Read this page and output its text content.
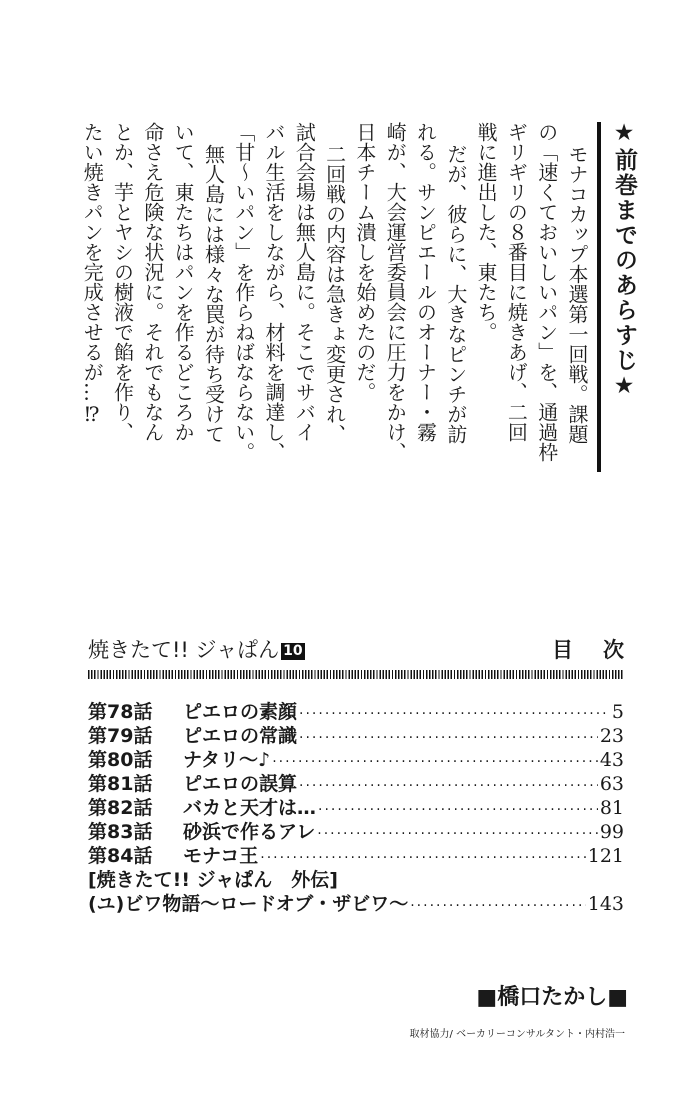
★前巻までのあらすじ★
モナコカップ本選第一回戦。課題
の「速くておいしいパン」を、通過枠
ギリギリの８番目に焼きあげ、二回
戦に進出した、東たち。
だが、彼らに、大きなピンチが訪
れる。サンピエールのオーナー・霧
崎が、大会運営委員会に圧力をかけ、
日本チーム潰しを始めたのだ。
二回戦の内容は急きょ変更され、
試合会場は無人島に。そこでサバイ
バル生活をしながら、材料を調達し、
「甘〜いパン」を作らねばならない。
無人島には様々な罠が待ち受けて
いて、東たちはパンを作るどころか
命さえ危険な状況に。それでもなん
とか、芋とヤシの樹液で餡を作り、
たい焼きパンを完成させるが…⁉
焼きたて!! ジャぱん 10	目次
第78話	ピエロの素顔 ·····	5
第79話	ピエロの常識 ·····	23
第80話	ナタリ〜♪ ·····	43
第81話	ピエロの誤算 ·····	63
第82話	バカと天才は… ·····	81
第83話	砂浜で作るアレ ·····	99
第84話	モナコ王 ·····	121
[焼きたて!! ジャぱん　外伝]
(ユ)ビワ物語〜ロードオブ・ザビワ〜 ·····	143
■橋口たかし■
取材協力/ ベーカリーコンサルタント・内村浩一
